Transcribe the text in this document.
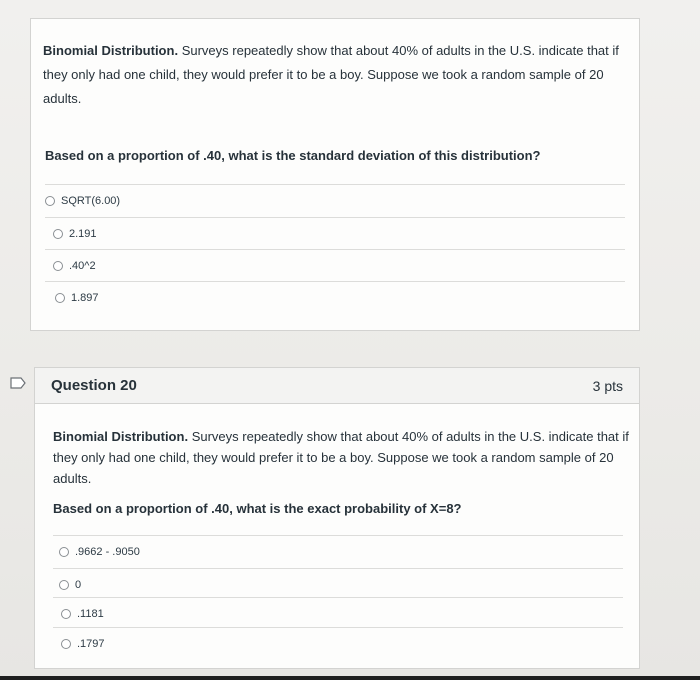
Binomial Distribution. Surveys repeatedly show that about 40% of adults in the U.S. indicate that if they only had one child, they would prefer it to be a boy. Suppose we took a random sample of 20 adults.
Based on a proportion of .40, what is the standard deviation of this distribution?
SQRT(6.00)
2.191
.40^2
1.897
Question 20	3 pts
Binomial Distribution. Surveys repeatedly show that about 40% of adults in the U.S. indicate that if they only had one child, they would prefer it to be a boy. Suppose we took a random sample of 20 adults.
Based on a proportion of .40, what is the exact probability of X=8?
.9662 - .9050
0
.1181
.1797
